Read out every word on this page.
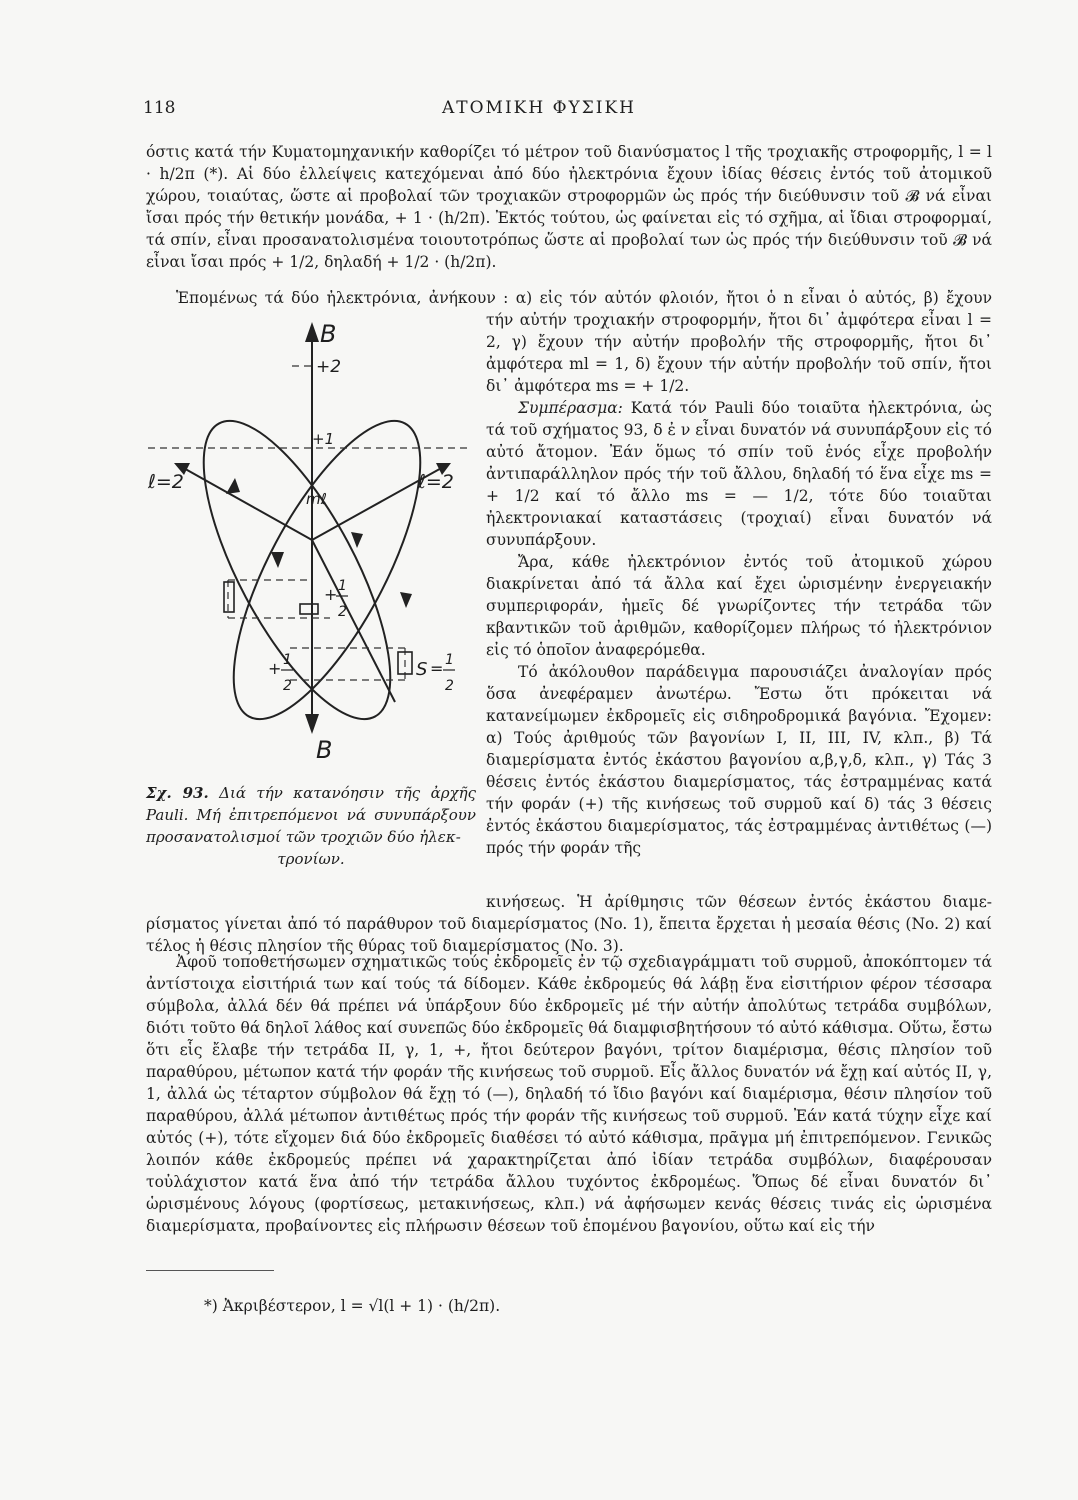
118	ΑΤΟΜΙΚΗ ΦΥΣΙΚΗ
όστις κατά τήν Κυματομηχανικήν καθορίζει τό μέτρον τοῦ διανύσματος l τῆς τροχιακῆς στροφορμῆς, l = l · h/2π (*). Αἱ δύο ἐλλείψεις κατεχόμεναι ἀπό δύο ἠλεκτρόνια ἔχουν ἰδίας θέσεις ἐντός τοῦ ἀτομικοῦ χώρου, τοιαύτας, ὥστε αἱ προβολαί τῶν τροχιακῶν στροφορμῶν ὡς πρός τήν διεύθυνσιν τοῦ 𝓑 νά εἶναι ἴσαι πρός τήν θετικήν μονάδα, + 1 · (h/2π). Ἐκτός τούτου, ὡς φαίνεται εἰς τό σχῆμα, αἱ ἴδιαι στροφορμαί, τά σπίν, εἶναι προσανατολισμένα τοιουτοτρόπως ὥστε αἱ προβολαί των ὡς πρός τήν διεύθυνσιν τοῦ 𝓑 νά εἶναι ἴσαι πρός + 1/2, δηλαδή + 1/2 · (h/2π).
Ἑπομένως τά δύο ἠλεκτρόνια, ἀνήκουν : α) εἰς τόν αὐτόν φλοιόν, ἤτοι ὁ n εἶναι ὁ αὐτός, β) ἔχουν

τήν αὐτήν τροχιακήν στροφορμήν, ἤτοι δι᾽ ἀμφότερα εἶναι l = 2, γ) ἔχουν τήν αὐτήν προβολήν τῆς στροφορμῆς, ἤτοι δι᾽ ἀμφότερα ml = 1, δ) ἔχουν τήν αὐτήν προβολήν τοῦ σπίν, ἤτοι δι᾽ ἀμφότερα ms = + 1/2.

Συμπέρασμα: Κατά τόν Pauli δύο τοιαῦτα ἠλεκτρόνια, ὡς τά τοῦ σχήματος 93, δ ἐ ν εἶναι δυνατόν νά συνυπάρξουν εἰς τό αὐτό ἄτομον. Ἐάν ὅμως τό σπίν τοῦ ἑνός εἶχε προβολήν ἀντιπαράλληλον πρός τήν τοῦ ἄλλου, δηλαδή τό ἕνα εἶχε ms = + 1/2 καί τό ἄλλο ms = — 1/2, τότε δύο τοιαῦται ἠλεκτρονιακαί καταστάσεις (τροχιαί) εἶναι δυνατόν νά συνυπάρξουν.

Ἄρα, κάθε ἠλεκτρόνιον ἐντός τοῦ ἀτομικοῦ χώρου διακρίνεται ἀπό τά ἄλλα καί ἔχει ὡρισμένην ἐνεργειακήν συμπεριφοράν, ἡμεῖς δέ γνωρίζοντες τήν τετράδα τῶν κβαντικῶν τοῦ ἀριθμῶν, καθορίζομεν πλήρως τό ἠλεκτρόνιον εἰς τό ὁποῖον ἀναφερόμεθα.

Τό ἀκόλουθον παράδειγμα παρουσιάζει ἀναλογίαν πρός ὅσα ἀνεφέραμεν ἀνωτέρω. Ἔστω ὅτι πρόκειται νά κατανείμωμεν ἐκδρομεῖς εἰς σιδηροδρομικά βαγόνια. Ἔχομεν: α) Τούς ἀριθμούς τῶν βαγονίων I, II, III, IV, κλπ., β) Τά διαμερίσματα ἐντός ἑκάστου βαγονίου α,β,γ,δ, κλπ., γ) Τάς 3 θέσεις ἐντός ἑκάστου διαμερίσματος, τάς ἐστραμμένας κατά τήν φοράν (+) τῆς κινήσεως τοῦ συρμοῦ καί δ) τάς 3 θέσεις ἐντός ἑκάστου διαμερίσματος, τάς ἐστραμμένας ἀντιθέτως (—) πρός τήν φοράν τῆς

B
+2
+1
mℓ
ℓ=2	ℓ=2
+ 1
2
+ 1
2
S = 1
2
B
Σχ. 93. Διά τήν κατανόησιν τῆς ἀρχῆς Pauli. Μή ἐπιτρεπόμενοι νά συνυπάρξουν προσανατολισμοί τῶν τροχιῶν δύο ἠλεκ-
τρονίων.
κινήσεως. Ἡ ἀρίθμησις τῶν θέσεων ἐντός ἑκάστου διαμε-
ρίσματος γίνεται ἀπό τό παράθυρον τοῦ διαμερίσματος (No. 1), ἔπειτα ἔρχεται ἡ μεσαία θέσις (No. 2) καί τέλος ἡ θέσις πλησίον τῆς θύρας τοῦ διαμερίσματος (No. 3).
Ἀφοῦ τοποθετήσωμεν σχηματικῶς τούς ἐκδρομεῖς ἐν τῷ σχεδιαγράμματι τοῦ συρμοῦ, ἀποκόπτομεν τά ἀντίστοιχα εἰσιτήριά των καί τούς τά δίδομεν. Κάθε ἐκδρομεύς θά λάβῃ ἕνα εἰσιτήριον φέρον τέσσαρα σύμβολα, ἀλλά δέν θά πρέπει νά ὑπάρξουν δύο ἐκδρομεῖς μέ τήν αὐτήν ἀπολύτως τετράδα συμβόλων, διότι τοῦτο θά δηλοῖ λάθος καί συνεπῶς δύο ἐκδρομεῖς θά διαμφισβητήσουν τό αὐτό κάθισμα. Οὕτω, ἔστω ὅτι εἷς ἔλαβε τήν τετράδα II, γ, 1, +, ἤτοι δεύτερον βαγόνι, τρίτον διαμέρισμα, θέσις πλησίον τοῦ παραθύρου, μέτωπον κατά τήν φοράν τῆς κινήσεως τοῦ συρμοῦ. Εἷς ἄλλος δυνατόν νά ἔχῃ καί αὐτός II, γ, 1, ἀλλά ὡς τέταρτον σύμβολον θά ἔχῃ τό (—), δηλαδή τό ἴδιο βαγόνι καί διαμέρισμα, θέσιν πλησίον τοῦ παραθύρου, ἀλλά μέτωπον ἀντιθέτως πρός τήν φοράν τῆς κινήσεως τοῦ συρμοῦ. Ἐάν κατά τύχην εἶχε καί αὐτός (+), τότε εἴχομεν διά δύο ἐκδρομεῖς διαθέσει τό αὐτό κάθισμα, πρᾶγμα μή ἐπιτρεπόμενον. Γενικῶς λοιπόν κάθε ἐκδρομεύς πρέπει νά χαρακτηρίζεται ἀπό ἰδίαν τετράδα συμβόλων, διαφέρουσαν τοὐλάχιστον κατά ἕνα ἀπό τήν τετράδα ἄλλου τυχόντος ἐκδρομέως. Ὅπως δέ εἶναι δυνατόν δι᾽ ὡρισμένους λόγους (φορτίσεως, μετακινήσεως, κλπ.) νά ἀφήσωμεν κενάς θέσεις τινάς εἰς ὡρισμένα διαμερίσματα, προβαίνοντες εἰς πλήρωσιν θέσεων τοῦ ἑπομένου βαγονίου, οὕτω καί εἰς τήν
*) Ἀκριβέστερον, l = √l(l + 1) · (h/2π).
